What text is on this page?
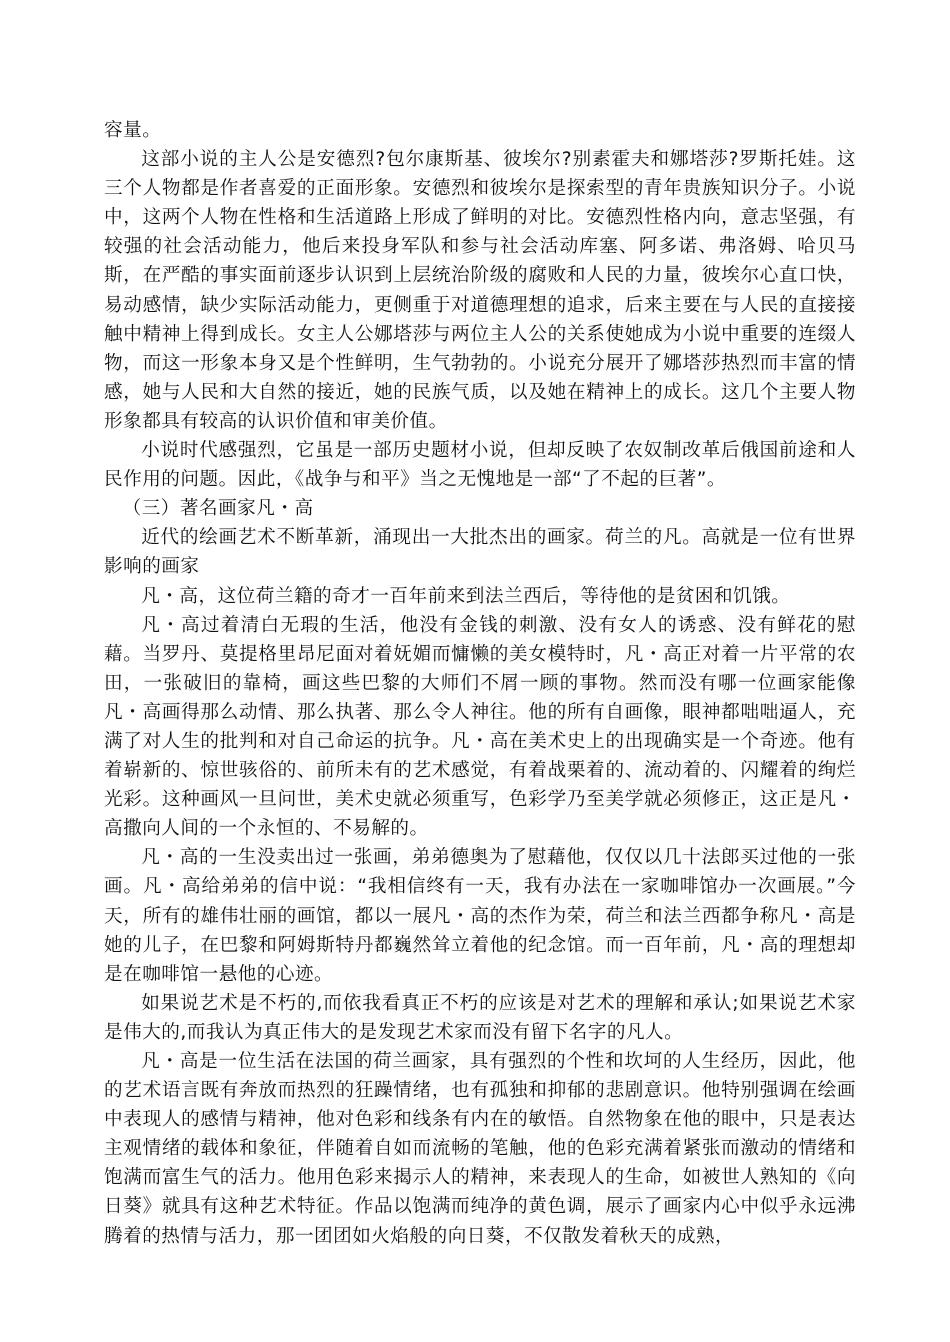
容量。

这部小说的主人公是安德烈?包尔康斯基、彼埃尔?别素霍夫和娜塔莎?罗斯托娃。这三个人物都是作者喜爱的正面形象。安德烈和彼埃尔是探索型的青年贵族知识分子。小说中，这两个人物在性格和生活道路上形成了鲜明的对比。安德烈性格内向，意志坚强，有较强的社会活动能力，他后来投身军队和参与社会活动库塞、阿多诺、弗洛姆、哈贝马斯，在严酷的事实面前逐步认识到上层统治阶级的腐败和人民的力量，彼埃尔心直口快，易动感情，缺少实际活动能力，更侧重于对道德理想的追求，后来主要在与人民的直接接触中精神上得到成长。女主人公娜塔莎与两位主人公的关系使她成为小说中重要的连缀人物，而这一形象本身又是个性鲜明，生气勃勃的。小说充分展开了娜塔莎热烈而丰富的情感，她与人民和大自然的接近，她的民族气质，以及她在精神上的成长。这几个主要人物形象都具有较高的认识价值和审美价值。

小说时代感强烈，它虽是一部历史题材小说，但却反映了农奴制改革后俄国前途和人民作用的问题。因此，《战争与和平》当之无愧地是一部“了不起的巨著”。

（三）著名画家凡・高

近代的绘画艺术不断革新，涌现出一大批杰出的画家。荷兰的凡。高就是一位有世界影响的画家

凡・高，这位荷兰籍的奇才一百年前来到法兰西后，等待他的是贫困和饥饿。

凡・高过着清白无瑕的生活，他没有金钱的刺激、没有女人的诱惑、没有鲜花的慰藉。当罗丹、莫提格里昂尼面对着妩媚而慵懒的美女模特时，凡・高正对着一片平常的农田，一张破旧的靠椅，画这些巴黎的大师们不屑一顾的事物。然而没有哪一位画家能像凡・高画得那么动情、那么执著、那么令人神往。他的所有自画像，眼神都咄咄逼人，充满了对人生的批判和对自己命运的抗争。凡・高在美术史上的出现确实是一个奇迹。他有着崭新的、惊世骇俗的、前所未有的艺术感觉，有着战栗着的、流动着的、闪耀着的绚烂光彩。这种画风一旦问世，美术史就必须重写，色彩学乃至美学就必须修正，这正是凡・高撒向人间的一个永恒的、不易解的。

凡・高的一生没卖出过一张画，弟弟德奥为了慰藉他，仅仅以几十法郎买过他的一张画。凡・高给弟弟的信中说：“我相信终有一天，我有办法在一家咖啡馆办一次画展。”今天，所有的雄伟壮丽的画馆，都以一展凡・高的杰作为荣，荷兰和法兰西都争称凡・高是她的儿子，在巴黎和阿姆斯特丹都巍然耸立着他的纪念馆。而一百年前，凡・高的理想却是在咖啡馆一悬他的心迹。

如果说艺术是不朽的,而依我看真正不朽的应该是对艺术的理解和承认;如果说艺术家是伟大的,而我认为真正伟大的是发现艺术家而没有留下名字的凡人。

凡・高是一位生活在法国的荷兰画家，具有强烈的个性和坎坷的人生经历，因此，他的艺术语言既有奔放而热烈的狂躁情绪，也有孤独和抑郁的悲剧意识。他特别强调在绘画中表现人的感情与精神，他对色彩和线条有内在的敏悟。自然物象在他的眼中，只是表达主观情绪的载体和象征，伴随着自如而流畅的笔触，他的色彩充满着紧张而激动的情绪和饱满而富生气的活力。他用色彩来揭示人的精神，来表现人的生命，如被世人熟知的《向日葵》就具有这种艺术特征。作品以饱满而纯净的黄色调，展示了画家内心中似乎永远沸腾着的热情与活力，那一团团如火焰般的向日葵，不仅散发着秋天的成熟，
